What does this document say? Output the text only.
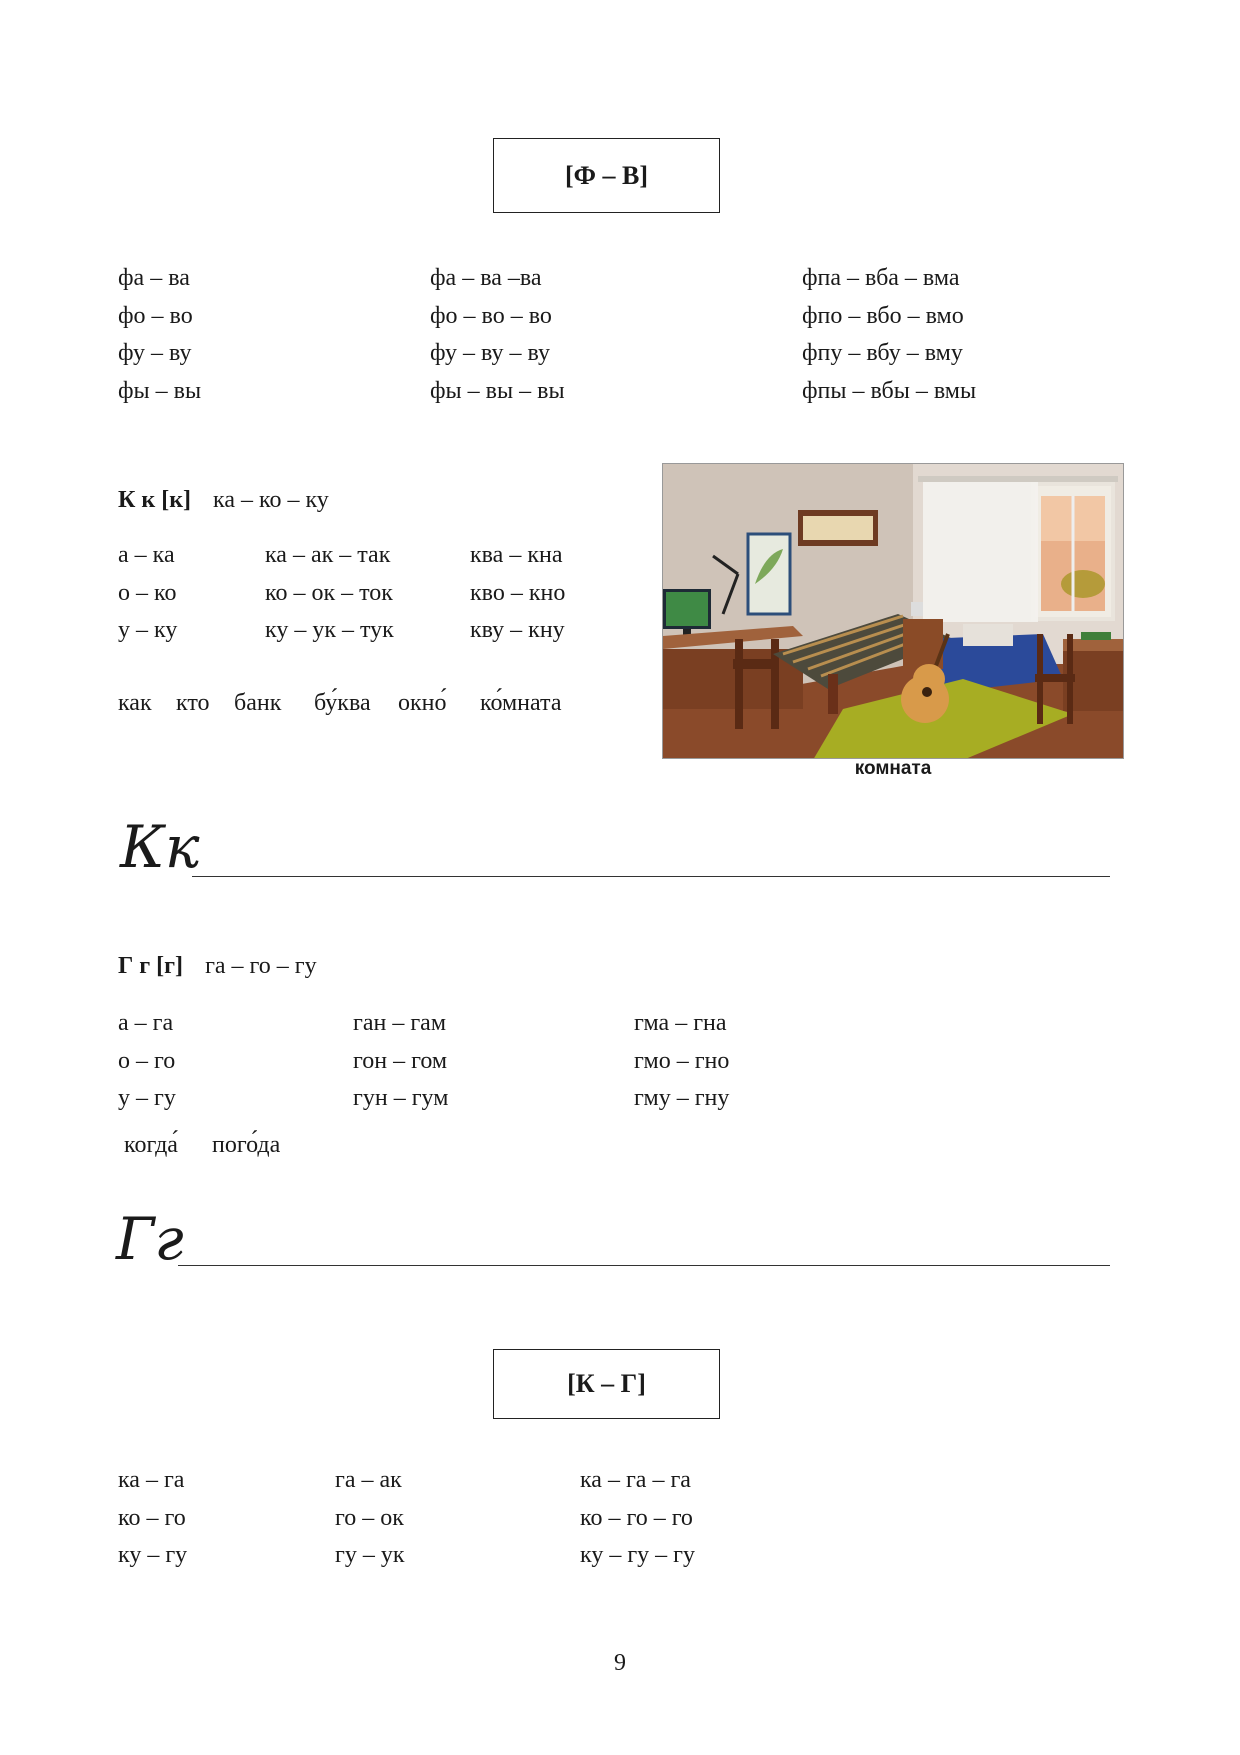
[Ф – В]
фа – ва
фо – во
фу – ву
фы – вы
фа – ва –ва
фо – во – во
фу – ву – ву
фы – вы – вы
фпа – вба – вма
фпо – вбо – вмо
фпу – вбу – вму
фпы – вбы – вмы
К к [к] ка – ко – ку
а – ка
о – ко
у – ку
ка – ак – так
ко – ок – ток
ку – ук – тук
ква – кна
кво – кно
кву – кну
как кто банк бу́ква окно́ ко́мната
комната
Кк
Г г [г] га – го – гу
а – га
о – го
у – гу
ган – гам
гон – гом
гун – гум
гма – гна
гмо – гно
гму – гну
когда́ пого́да
Гг
[К – Г]
ка – га
ко – го
ку – гу
га – ак
го – ок
гу – ук
ка – га – га
ко – го – го
ку – гу – гу
9
